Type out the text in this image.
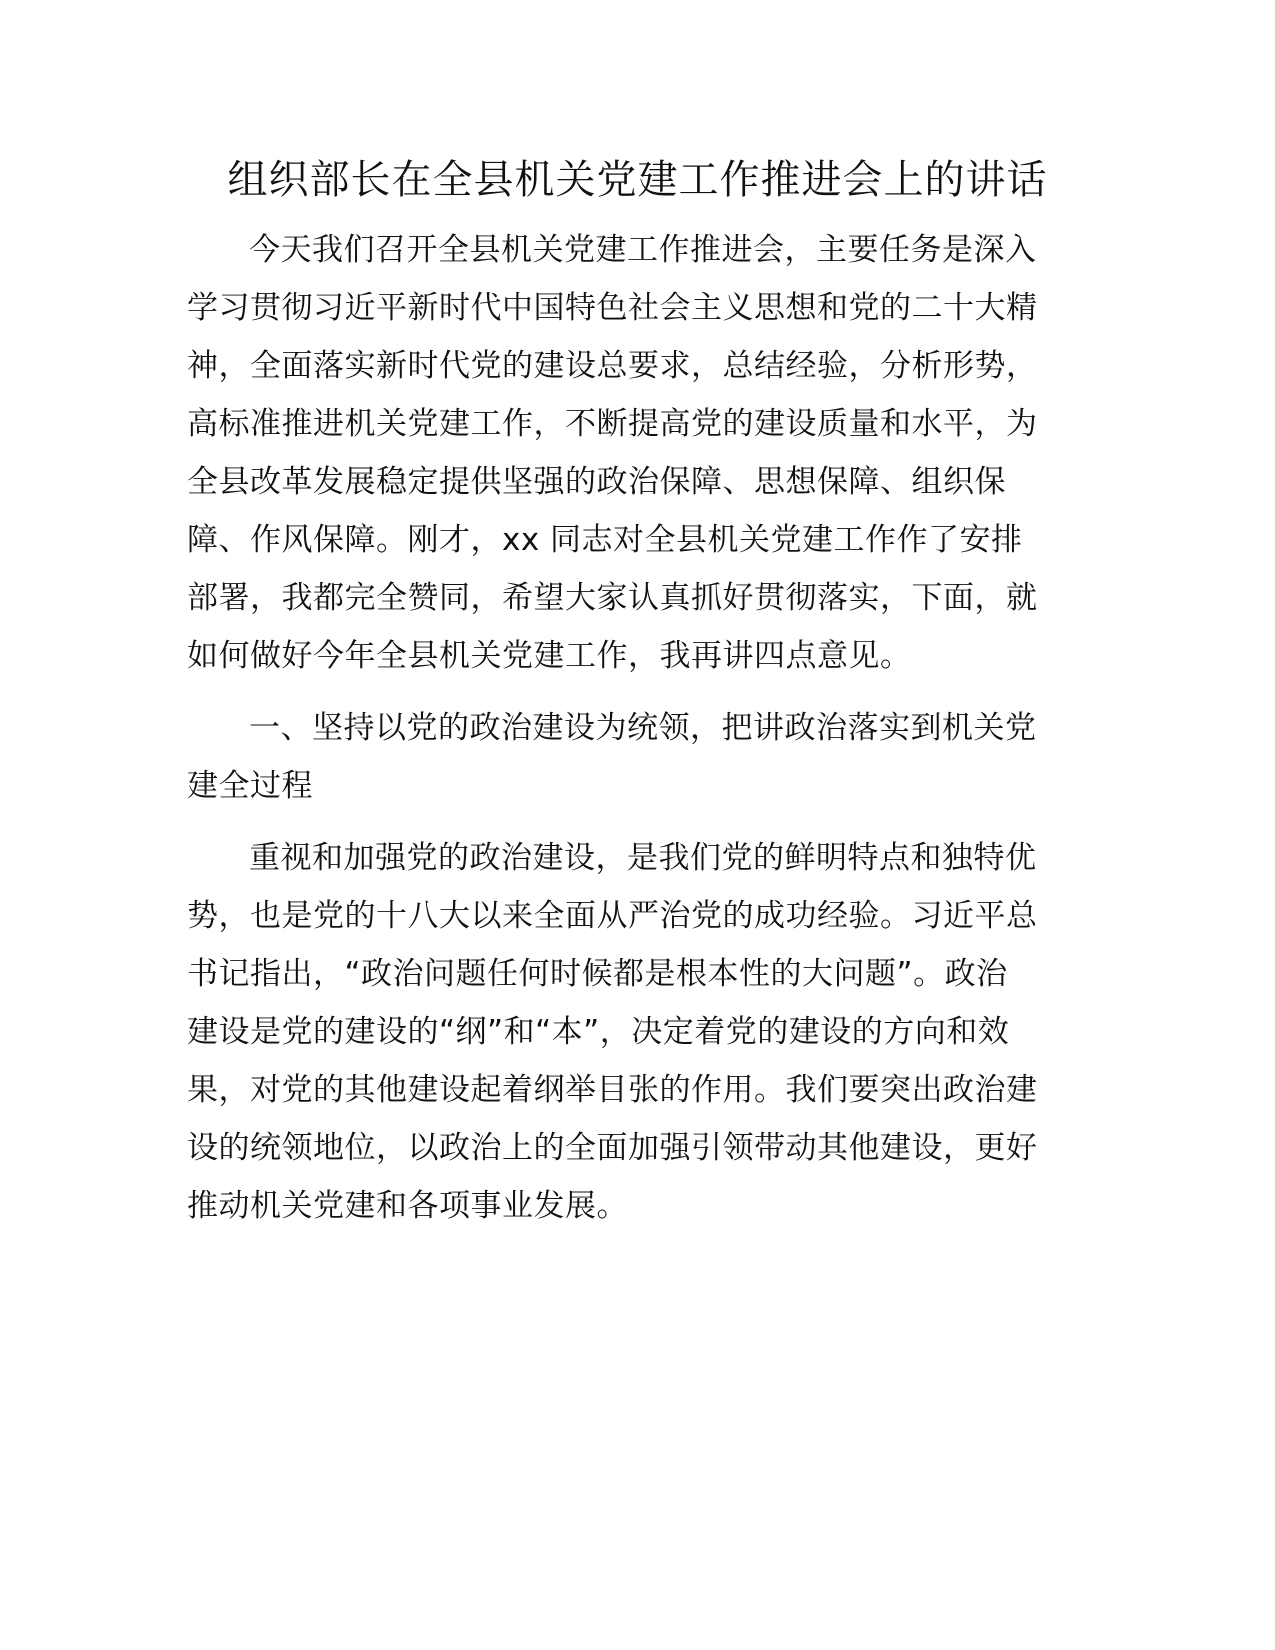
组织部长在全县机关党建工作推进会上的讲话

今天我们召开全县机关党建工作推进会，主要任务是深入
学习贯彻习近平新时代中国特色社会主义思想和党的二十大精
神，全面落实新时代党的建设总要求，总结经验，分析形势，
高标准推进机关党建工作，不断提高党的建设质量和水平，为
全县改革发展稳定提供坚强的政治保障、思想保障、组织保
障、作风保障。刚才，xx 同志对全县机关党建工作作了安排
部署，我都完全赞同，希望大家认真抓好贯彻落实，下面，就
如何做好今年全县机关党建工作，我再讲四点意见。

一、坚持以党的政治建设为统领，把讲政治落实到机关党
建全过程

重视和加强党的政治建设，是我们党的鲜明特点和独特优
势，也是党的十八大以来全面从严治党的成功经验。习近平总
书记指出，“政治问题任何时候都是根本性的大问题”。政治
建设是党的建设的“纲”和“本”，决定着党的建设的方向和效
果，对党的其他建设起着纲举目张的作用。我们要突出政治建
设的统领地位，以政治上的全面加强引领带动其他建设，更好
推动机关党建和各项事业发展。
